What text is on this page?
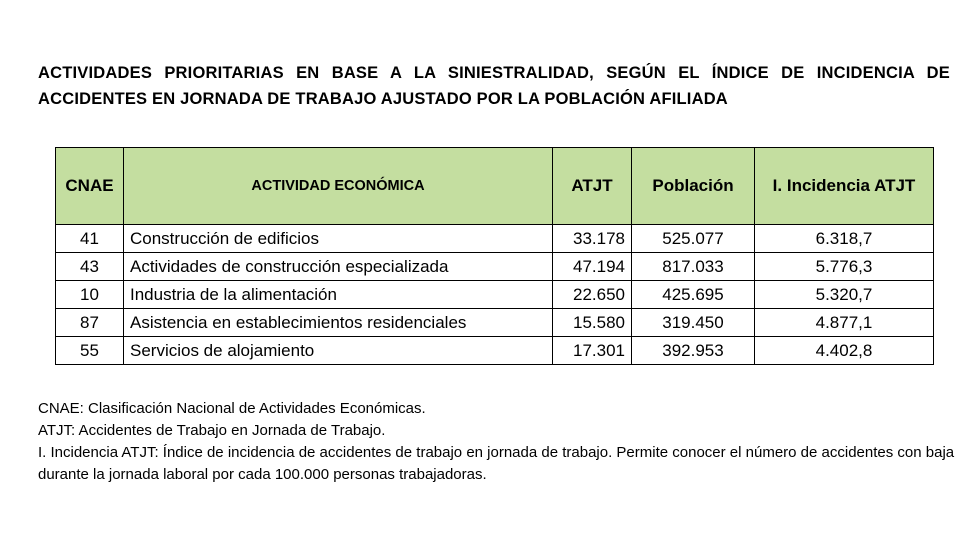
ACTIVIDADES PRIORITARIAS EN BASE A LA SINIESTRALIDAD, SEGÚN EL ÍNDICE DE INCIDENCIA DE ACCIDENTES EN JORNADA DE TRABAJO AJUSTADO POR LA POBLACIÓN AFILIADA
CNAE	ACTIVIDAD ECONÓMICA	ATJT	Población	I. Incidencia ATJT
41	Construcción de edificios	33.178	525.077	6.318,7
43	Actividades de construcción especializada	47.194	817.033	5.776,3
10	Industria de la alimentación	22.650	425.695	5.320,7
87	Asistencia en establecimientos residenciales	15.580	319.450	4.877,1
55	Servicios de alojamiento	17.301	392.953	4.402,8

CNAE: Clasificación Nacional de Actividades Económicas.

ATJT: Accidentes de Trabajo en Jornada de Trabajo.

I. Incidencia ATJT: Índice de incidencia de accidentes de trabajo en jornada de trabajo. Permite conocer el número de accidentes con baja durante la jornada laboral por cada 100.000 personas trabajadoras.
